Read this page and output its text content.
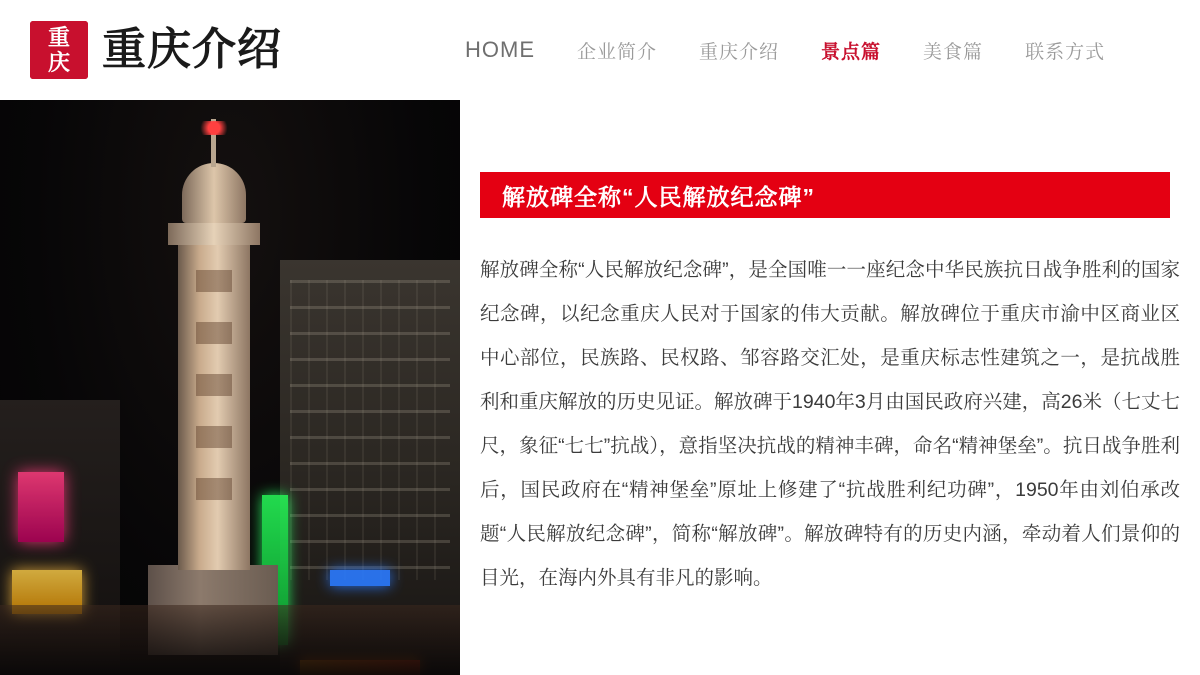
重
庆 重庆介绍	HOME 企业简介 重庆介绍 景点篇 美食篇 联系方式
解放碑全称“人民解放纪念碑”
解放碑全称“人民解放纪念碑”，是全国唯一一座纪念中华民族抗日战争胜利的国家纪念碑，以纪念重庆人民对于国家的伟大贡献。解放碑位于重庆市渝中区商业区中心部位，民族路、民权路、邹容路交汇处，是重庆标志性建筑之一，是抗战胜利和重庆解放的历史见证。解放碑于1940年3月由国民政府兴建，高26米（七丈七尺，象征“七七”抗战），意指坚决抗战的精神丰碑，命名“精神堡垒”。抗日战争胜利后，国民政府在“精神堡垒”原址上修建了“抗战胜利纪功碑”，1950年由刘伯承改题“人民解放纪念碑”，简称“解放碑”。解放碑特有的历史内涵，牵动着人们景仰的目光，在海内外具有非凡的影响。
